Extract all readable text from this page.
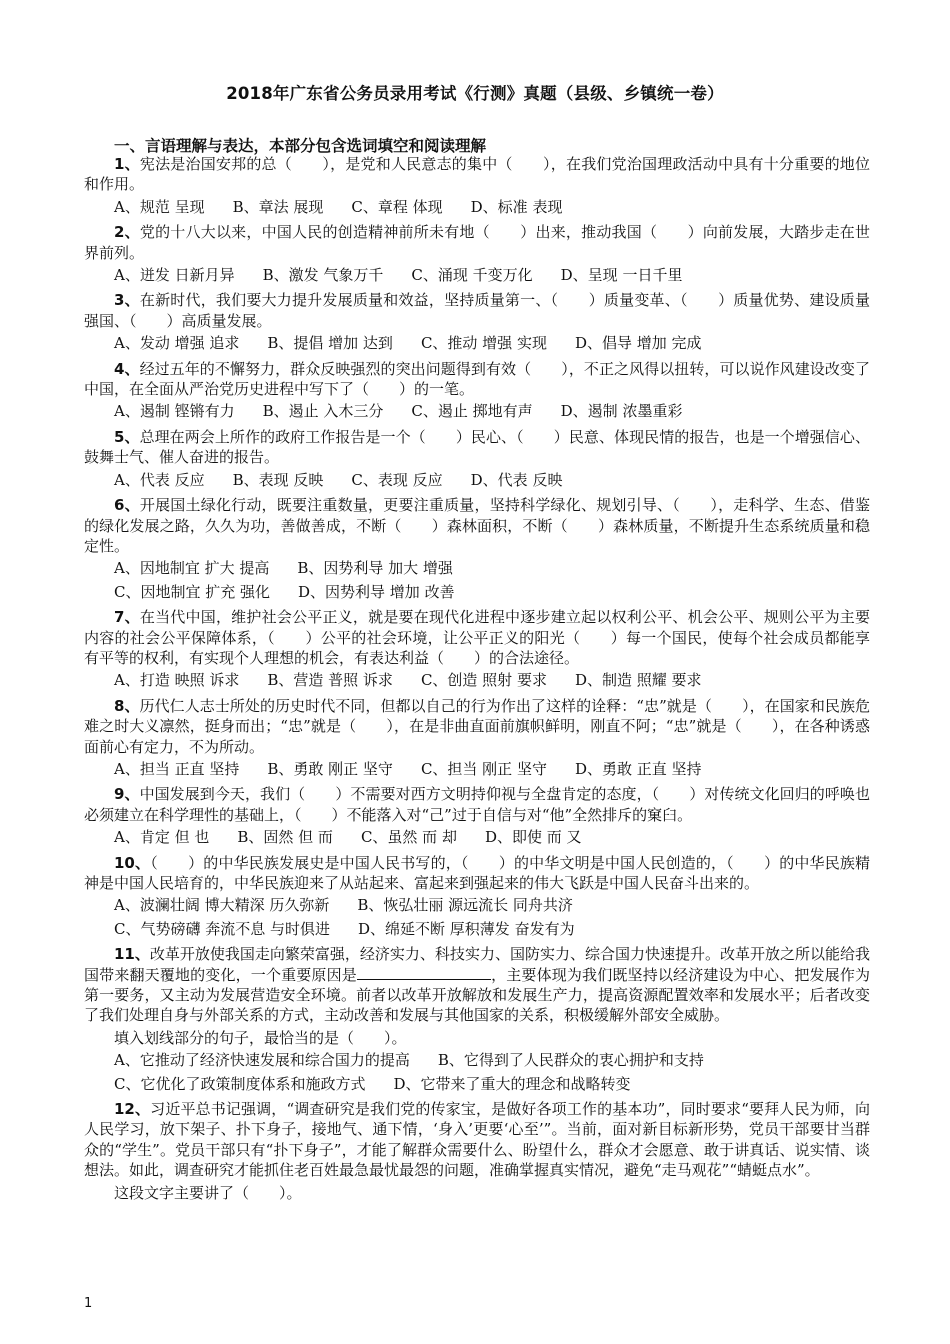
2018年广东省公务员录用考试《行测》真题（县级、乡镇统一卷）
一、言语理解与表达，本部分包含选词填空和阅读理解

1、宪法是治国安邦的总（　　），是党和人民意志的集中（　　），在我们党治国理政活动中具有十分重要的地位和作用。

A、规范 呈现 B、章法 展现 C、章程 体现 D、标准 表现

2、党的十八大以来，中国人民的创造精神前所未有地（　　）出来，推动我国（　　）向前发展，大踏步走在世界前列。

A、迸发 日新月异 B、激发 气象万千 C、涌现 千变万化 D、呈现 一日千里

3、在新时代，我们要大力提升发展质量和效益，坚持质量第一、（　　）质量变革、（　　）质量优势、建设质量强国、（　　）高质量发展。

A、发动 增强 追求 B、提倡 增加 达到 C、推动 增强 实现 D、倡导 增加 完成

4、经过五年的不懈努力，群众反映强烈的突出问题得到有效（　　），不正之风得以扭转，可以说作风建设改变了中国，在全面从严治党历史进程中写下了（　　）的一笔。

A、遏制 铿锵有力 B、遏止 入木三分 C、遏止 掷地有声 D、遏制 浓墨重彩

5、总理在两会上所作的政府工作报告是一个（　　）民心、（　　）民意、体现民情的报告，也是一个增强信心、鼓舞士气、催人奋进的报告。

A、代表 反应 B、表现 反映 C、表现 反应 D、代表 反映

6、开展国土绿化行动，既要注重数量，更要注重质量，坚持科学绿化、规划引导、（　　），走科学、生态、借鉴的绿化发展之路，久久为功，善做善成，不断（　　）森林面积，不断（　　）森林质量，不断提升生态系统质量和稳定性。

A、因地制宜 扩大 提高 B、因势利导 加大 增强
C、因地制宜 扩充 强化 D、因势利导 增加 改善

7、在当代中国，维护社会公平正义，就是要在现代化进程中逐步建立起以权利公平、机会公平、规则公平为主要内容的社会公平保障体系，（　　）公平的社会环境，让公平正义的阳光（　　）每一个国民，使每个社会成员都能享有平等的权利，有实现个人理想的机会，有表达利益（　　）的合法途径。

A、打造 映照 诉求 B、营造 普照 诉求 C、创造 照射 要求 D、制造 照耀 要求

8、历代仁人志士所处的历史时代不同，但都以自己的行为作出了这样的诠释：“忠”就是（　　），在国家和民族危难之时大义凛然，挺身而出；“忠”就是（　　），在是非曲直面前旗帜鲜明，刚直不阿；“忠”就是（　　），在各种诱惑面前心有定力，不为所动。

A、担当 正直 坚持 B、勇敢 刚正 坚守 C、担当 刚正 坚守 D、勇敢 正直 坚持

9、中国发展到今天，我们（　　）不需要对西方文明持仰视与全盘肯定的态度，（　　）对传统文化回归的呼唤也必须建立在科学理性的基础上，（　　）不能落入对“己”过于自信与对“他”全然排斥的窠臼。

A、肯定 但 也 B、固然 但 而 C、虽然 而 却 D、即使 而 又

10、（　　）的中华民族发展史是中国人民书写的，（　　）的中华文明是中国人民创造的，（　　）的中华民族精神是中国人民培育的，中华民族迎来了从站起来、富起来到强起来的伟大飞跃是中国人民奋斗出来的。

A、波澜壮阔 博大精深 历久弥新 B、恢弘壮丽 源远流长 同舟共济
C、气势磅礴 奔流不息 与时俱进 D、绵延不断 厚积薄发 奋发有为

11、改革开放使我国走向繁荣富强，经济实力、科技实力、国防实力、综合国力快速提升。改革开放之所以能给我国带来翻天覆地的变化，一个重要原因是	，主要体现为我们既坚持以经济建设为中心、把发展作为第一要务，又主动为发展营造安全环境。前者以改革开放解放和发展生产力，提高资源配置效率和发展水平；后者改变了我们处理自身与外部关系的方式，主动改善和发展与其他国家的关系，积极缓解外部安全威胁。

填入划线部分的句子，最恰当的是（　　）。

A、它推动了经济快速发展和综合国力的提高 B、它得到了人民群众的衷心拥护和支持
C、它优化了政策制度体系和施政方式 D、它带来了重大的理念和战略转变

12、习近平总书记强调，“调查研究是我们党的传家宝，是做好各项工作的基本功”，同时要求“要拜人民为师，向人民学习，放下架子、扑下身子，接地气、通下情，‘身入’更要‘心至’”。当前，面对新目标新形势，党员干部要甘当群众的“学生”。党员干部只有“扑下身子”，才能了解群众需要什么、盼望什么，群众才会愿意、敢于讲真话、说实情、谈想法。如此，调查研究才能抓住老百姓最急最忧最怨的问题，准确掌握真实情况，避免“走马观花”“蜻蜓点水”。

这段文字主要讲了（　　）。

1
